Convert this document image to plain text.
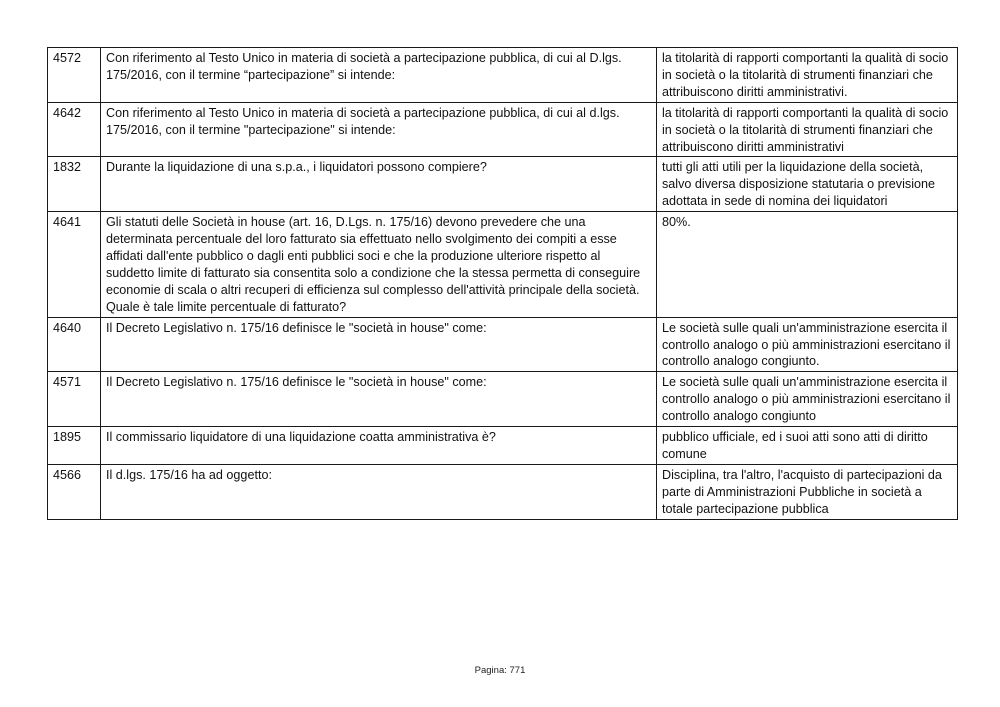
4572	Con riferimento al Testo Unico in materia di società a partecipazione pubblica, di cui al D.lgs. 175/2016, con il termine “partecipazione” si intende:	la titolarità di rapporti comportanti la qualità di socio in società o la titolarità di strumenti finanziari che attribuiscono diritti amministrativi.
4642	Con riferimento al Testo Unico in materia di società a partecipazione pubblica, di cui al d.lgs. 175/2016, con il termine "partecipazione" si intende:	la titolarità di rapporti comportanti la qualità di socio in società o la titolarità di strumenti finanziari che attribuiscono diritti amministrativi
1832	Durante la liquidazione di una s.p.a., i liquidatori possono compiere?	tutti gli atti utili per la liquidazione della società, salvo diversa disposizione statutaria o previsione adottata in sede di nomina dei liquidatori
4641	Gli statuti delle Società in house (art. 16, D.Lgs. n. 175/16) devono prevedere che una determinata percentuale del loro fatturato sia effettuato nello svolgimento dei compiti a esse affidati dall'ente pubblico o dagli enti pubblici soci e che la produzione ulteriore rispetto al suddetto limite di fatturato sia consentita solo a condizione che la stessa permetta di conseguire economie di scala o altri recuperi di efficienza sul complesso dell'attività principale della società. Quale è tale limite percentuale di fatturato?	80%.
4640	Il Decreto Legislativo n. 175/16 definisce le "società in house" come:	Le società sulle quali un'amministrazione esercita il controllo analogo o più amministrazioni esercitano il controllo analogo congiunto.
4571	Il Decreto Legislativo n. 175/16 definisce le "società in house" come:	Le società sulle quali un'amministrazione esercita il controllo analogo o più amministrazioni esercitano il controllo analogo congiunto
1895	Il commissario liquidatore di una liquidazione coatta amministrativa è?	pubblico ufficiale, ed i suoi atti sono atti di diritto comune
4566	Il d.lgs. 175/16 ha ad oggetto:	Disciplina, tra l'altro, l'acquisto di partecipazioni da parte di Amministrazioni Pubbliche in società a totale partecipazione pubblica
Pagina: 771
